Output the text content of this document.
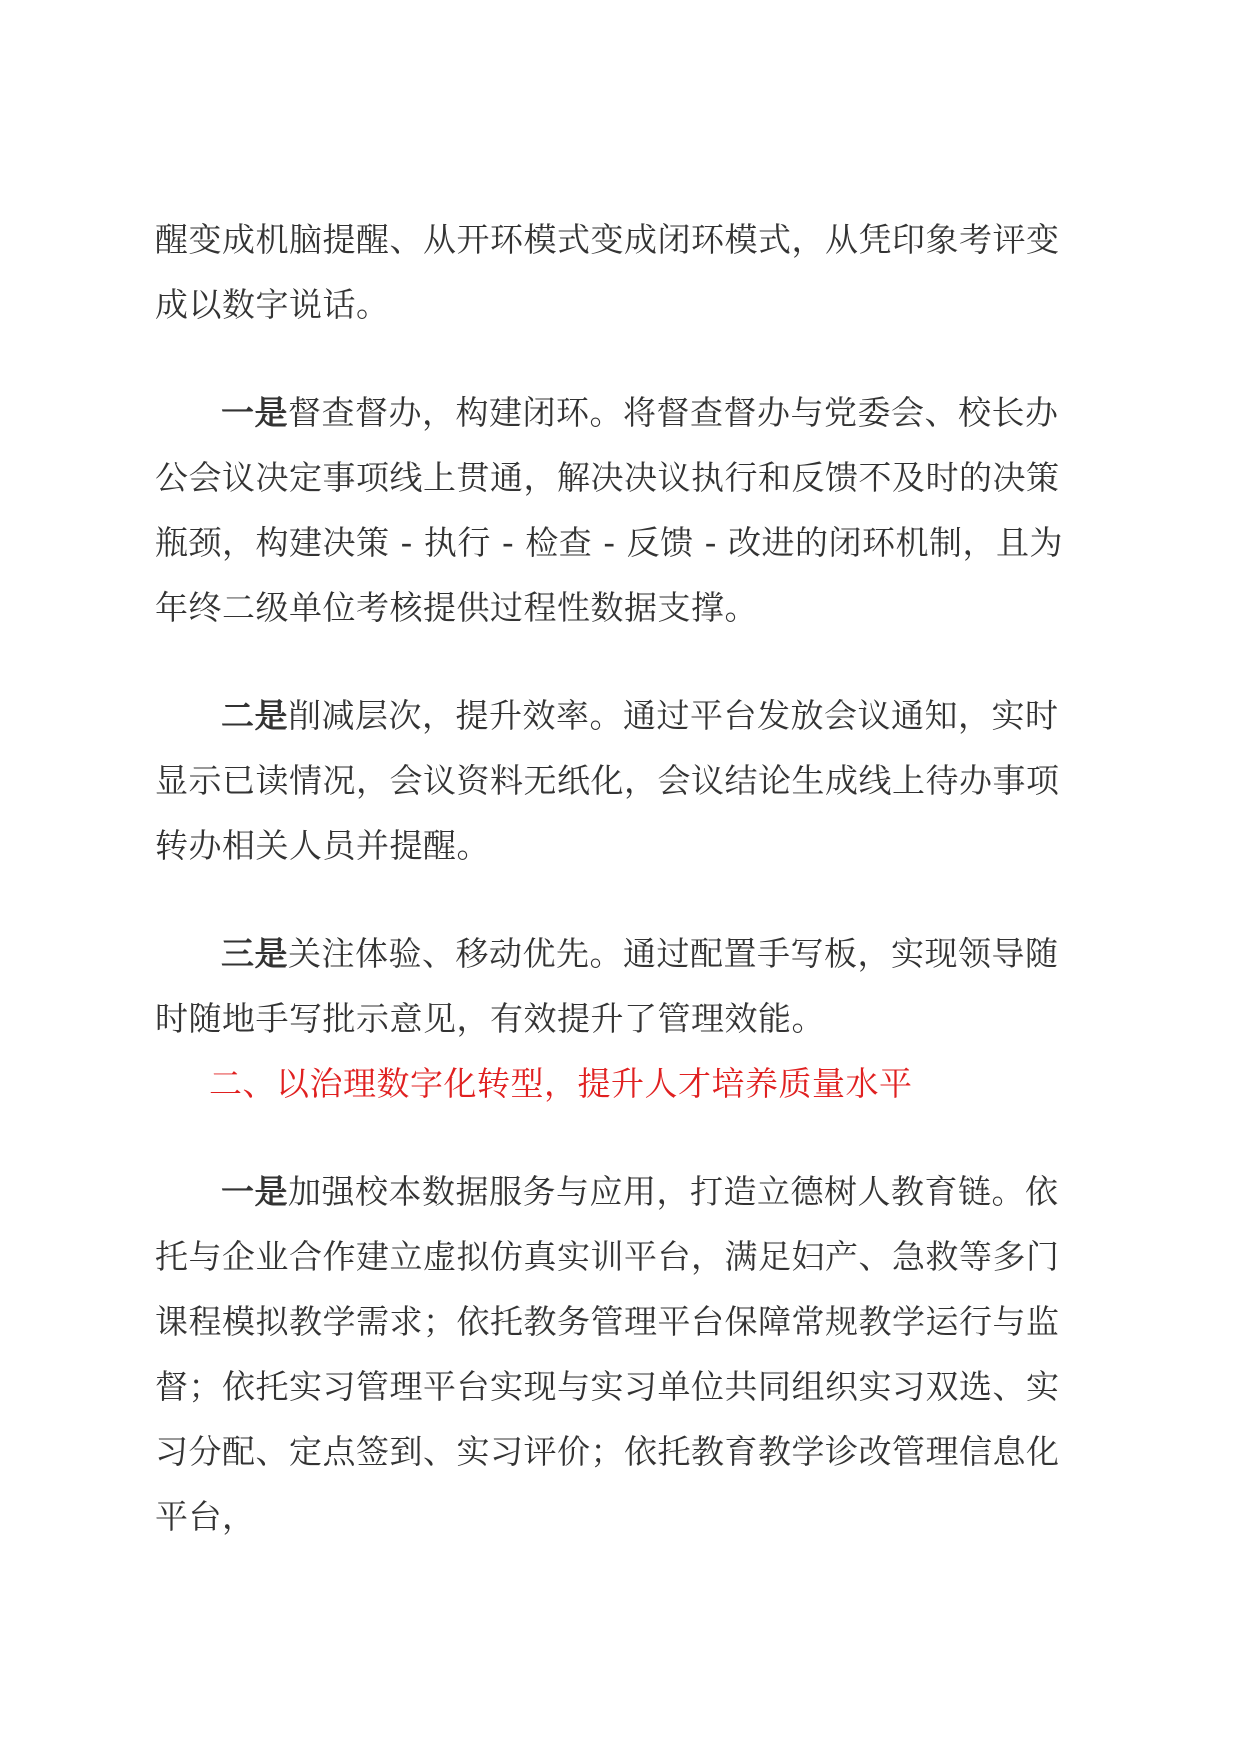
醒变成机脑提醒、从开环模式变成闭环模式，从凭印象考评变成以数字说话。

一是督查督办，构建闭环。将督查督办与党委会、校长办公会议决定事项线上贯通，解决决议执行和反馈不及时的决策瓶颈，构建决策 - 执行 - 检查 - 反馈 - 改进的闭环机制，且为年终二级单位考核提供过程性数据支撑。

二是削减层次，提升效率。通过平台发放会议通知，实时显示已读情况，会议资料无纸化，会议结论生成线上待办事项转办相关人员并提醒。

三是关注体验、移动优先。通过配置手写板，实现领导随时随地手写批示意见，有效提升了管理效能。

二、以治理数字化转型，提升人才培养质量水平

一是加强校本数据服务与应用，打造立德树人教育链。依托与企业合作建立虚拟仿真实训平台，满足妇产、急救等多门课程模拟教学需求；依托教务管理平台保障常规教学运行与监督；依托实习管理平台实现与实习单位共同组织实习双选、实习分配、定点签到、实习评价；依托教育教学诊改管理信息化平台，
